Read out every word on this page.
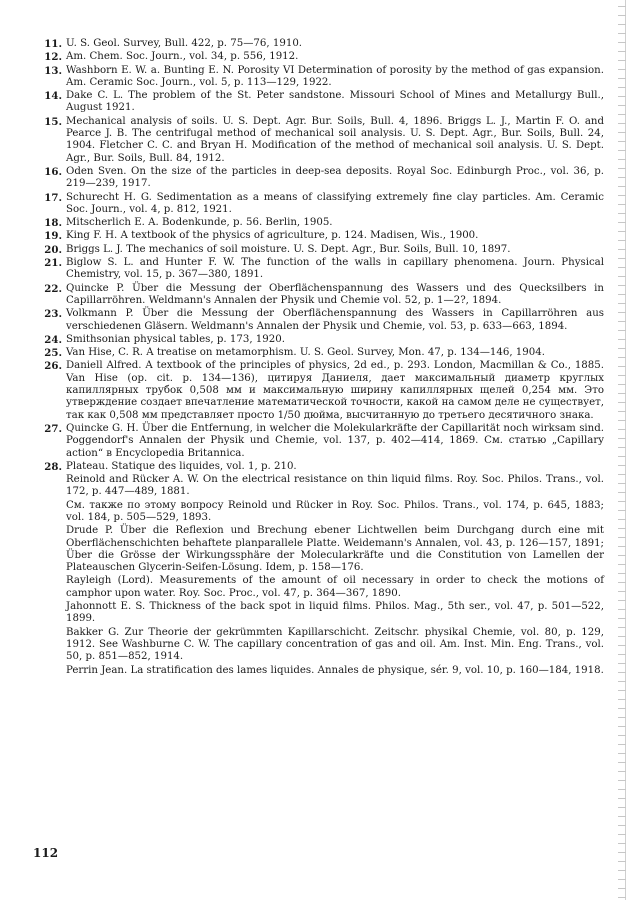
11. U. S. Geol. Survey, Bull. 422, p. 75—76, 1910.
12. Am. Chem. Soc. Journ., vol. 34, p. 556, 1912.
13. Washborn E. W. a. Bunting E. N. Porosity VI Determination of porosity by the method of gas expansion. Am. Ceramic Soc. Journ., vol. 5, p. 113—129, 1922.
14. Dake C. L. The problem of the St. Peter sandstone. Missouri School of Mines and Metallurgy Bull., August 1921.
15. Mechanical analysis of soils. U. S. Dept. Agr. Bur. Soils, Bull. 4, 1896. Briggs L. J., Martin F. O. and Pearce J. B. The centrifugal method of mechanical soil analysis. U. S. Dept. Agr., Bur. Soils, Bull. 24, 1904. Fletcher C. C. and Bryan H. Modification of the method of mechanical soil analysis. U. S. Dept. Agr., Bur. Soils, Bull. 84, 1912.
16. Oden Sven. On the size of the particles in deep-sea deposits. Royal Soc. Edinburgh Proc., vol. 36, p. 219—239, 1917.
17. Schurecht H. G. Sedimentation as a means of classifying extremely fine clay particles. Am. Ceramic Soc. Journ., vol. 4, p. 812, 1921.
18. Mitscherlich E. A. Bodenkunde, p. 56. Berlin, 1905.
19. King F. H. A textbook of the physics of agriculture, p. 124. Madisen, Wis., 1900.
20. Briggs L. J. The mechanics of soil moisture. U. S. Dept. Agr., Bur. Soils, Bull. 10, 1897.
21. Biglow S. L. and Hunter F. W. The function of the walls in capillary phenomena. Journ. Physical Chemistry, vol. 15, p. 367—380, 1891.
22. Quincke P. Über die Messung der Oberflächenspannung des Wassers und des Quecksilbers in Capillarröhren. Weldmann's Annalen der Physik und Chemie vol. 52, p. 1—2?, 1894.
23. Volkmann P. Über die Messung der Oberflächenspannung des Wassers in Capillarröhren aus verschiedenen Gläsern. Weldmann's Annalen der Physik und Chemie, vol. 53, p. 633—663, 1894.
24. Smithsonian physical tables, p. 173, 1920.
25. Van Hise, C. R. A treatise on metamorphism. U. S. Geol. Survey, Mon. 47, p. 134—146, 1904.
26. Daniell Alfred. A textbook of the principles of physics, 2d ed., p. 293. London, Macmillan & Co., 1885. Van Hise (op. cit. p. 134—136), цитируя Даниеля, дает максимальный диаметр круглых капиллярных трубок 0,508 мм и максимальную ширину капиллярных щелей 0,254 мм. Это утверждение создает впечатление математической точности, какой на самом деле не существует, так как 0,508 мм представляет просто 1/50 дюйма, высчитанную до третьего десятичного знака.
27. Quincke G. H. Über die Entfernung, in welcher die Molekularkräfte der Capillarität noch wirksam sind. Poggendorf's Annalen der Physik und Chemie, vol. 137, p. 402—414, 1869. См. статью „Capillary action“ в Encyclopedia Britannica.
28. Plateau. Statique des liquides, vol. 1, p. 210.
Reinold and Rücker A. W. On the electrical resistance on thin liquid films. Roy. Soc. Philos. Trans., vol. 172, p. 447—489, 1881.
См. также по этому вопросу Reinold und Rücker in Roy. Soc. Philos. Trans., vol. 174, p. 645, 1883; vol. 184, p. 505—529, 1893.
Drude P. Über die Reflexion und Brechung ebener Lichtwellen beim Durchgang durch eine mit Oberflächenschichten behaftete planparallele Platte. Weidemann's Annalen, vol. 43, p. 126—157, 1891; Über die Grösse der Wirkungssphäre der Molecularkräfte und die Constitution von Lamellen der Plateauschen Glycerin-Seifen-Lösung. Idem, p. 158—176.
Rayleigh (Lord). Measurements of the amount of oil necessary in order to check the motions of camphor upon water. Roy. Soc. Proc., vol. 47, p. 364—367, 1890.
Jahonnott E. S. Thickness of the back spot in liquid films. Philos. Mag., 5th ser., vol. 47, p. 501—522, 1899.
Bakker G. Zur Theorie der gekrümmten Kapillarschicht. Zeitschr. physikal Chemie, vol. 80, p. 129, 1912. See Washburne C. W. The capillary concentration of gas and oil. Am. Inst. Min. Eng. Trans., vol. 50, p. 851—852, 1914.
Perrin Jean. La stratification des lames liquides. Annales de physique, sér. 9, vol. 10, p. 160—184, 1918.
112
